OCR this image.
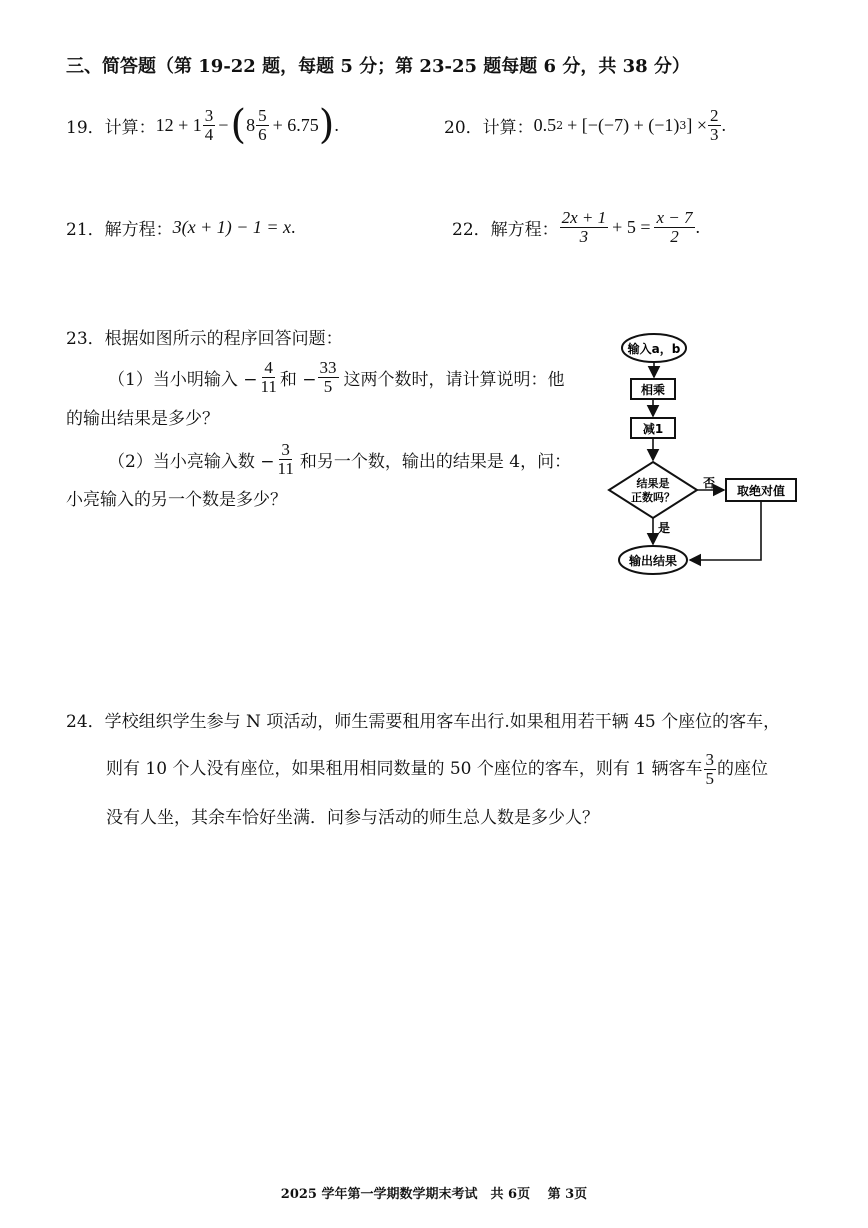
三、简答题（第 19-22 题，每题 5 分；第 23-25 题每题 6 分，共 38 分）
19．计算： $12 + 1 \frac{3}{4}$ − ( $8 \frac{5}{6} + 6.75$ ) .	20．计算： 0.5 2 + [−(−7) + (−1) 3 ] × $\frac{2}{3}$ .
21．解方程： 3(x + 1) − 1 = x .	22．解方程： $\frac{2x + 1}{3} + 5 = \frac{x - 7}{2}$ .
23．根据如图所示的程序回答问题：
（1）当小明输入 − $\frac{4}{11}$ 和 − $\frac{33}{5}$ 这两个数时，请计算说明：他
的输出结果是多少？
（2）当小亮输入数 − $\frac{3}{11}$ 和另一个数，输出的结果是 4，问：
小亮输入的另一个数是多少？
输入a，b
相乘
减1
结果是
正数吗？
否
取绝对值
是
输出结果
24．学校组织学生参与 N 项活动，师生需要租用客车出行.如果租用若干辆 45 个座位的客车，
则有 10 个人没有座位，如果租用相同数量的 50 个座位的客车，则有 1 辆客车 $\frac{3}{5}$ 的座位
没有人坐，其余车恰好坐满．问参与活动的师生总人数是多少人？
2025 学年第一学期数学期末考试　共 6页　 第 3页
